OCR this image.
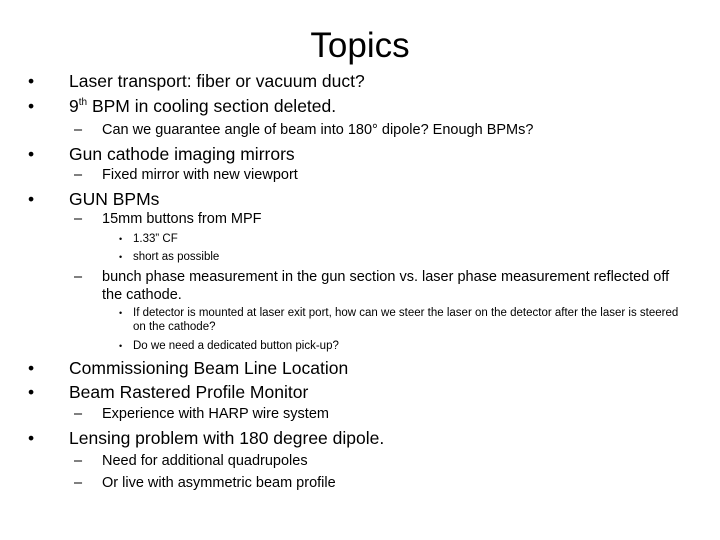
Topics
• Laser transport: fiber or vacuum duct?
• 9th BPM in cooling section deleted.
– Can we guarantee angle of beam into 180° dipole? Enough BPMs?
• Gun cathode imaging mirrors
– Fixed mirror with new viewport
• GUN BPMs
– 15mm buttons from MPF
• 1.33” CF
• short as possible
– bunch phase measurement in the gun section vs. laser phase measurement reflected off the cathode.
• If detector is mounted at laser exit port, how can we steer the laser on the detector after the laser is steered on the cathode?
• Do we need a dedicated button pick-up?
• Commissioning Beam Line Location
• Beam Rastered Profile Monitor
– Experience with HARP wire system
• Lensing problem with 180 degree dipole.
– Need for additional quadrupoles
– Or live with asymmetric beam profile
